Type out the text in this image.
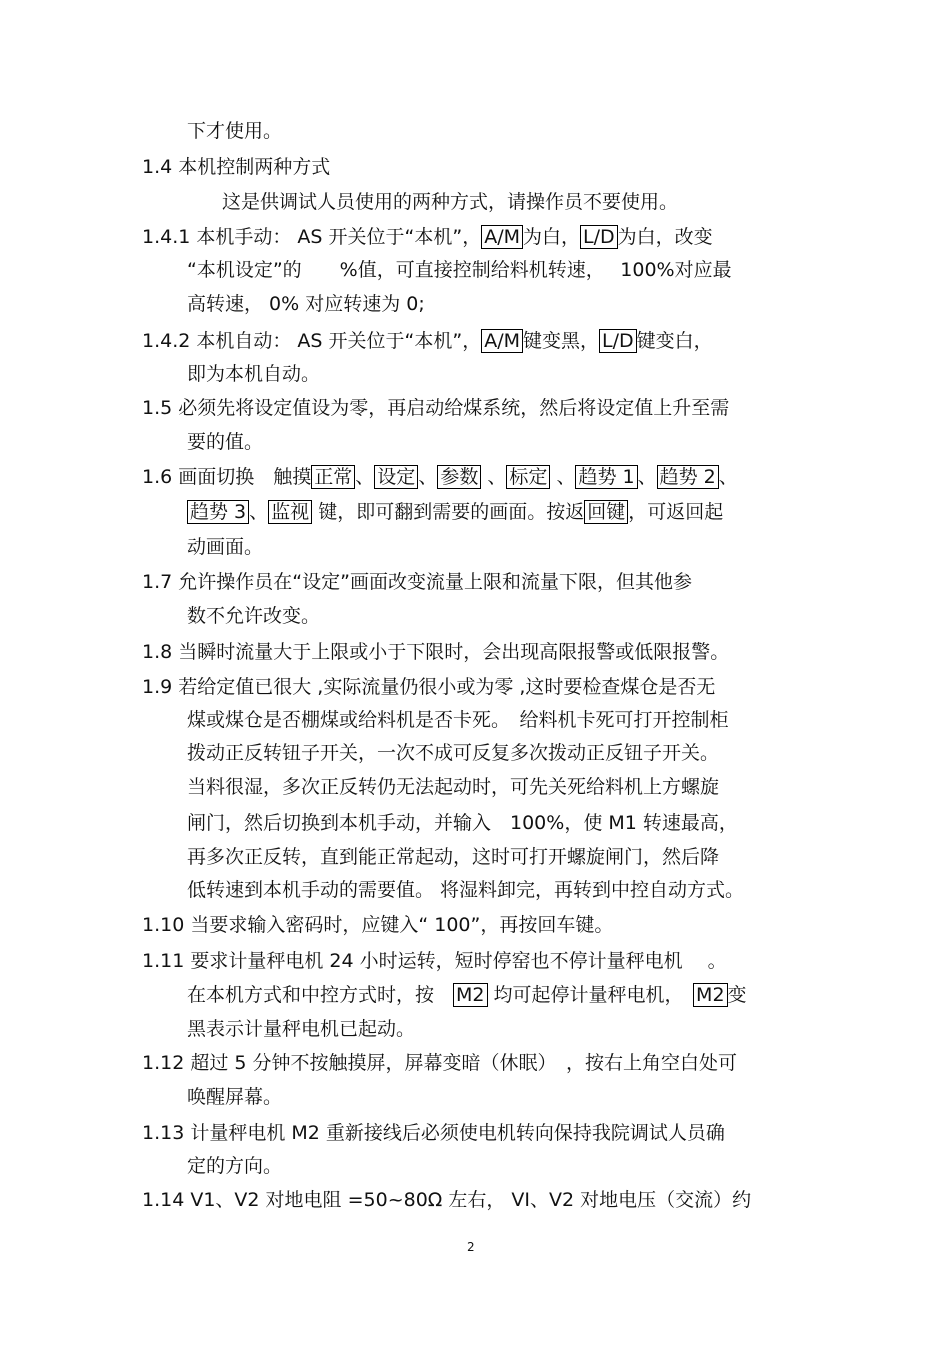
下才使用。

1.4 本机控制两种方式

这是供调试人员使用的两种方式，请操作员不要使用。

1.4.1 本机手动： AS 开关位于“本机”， A/M 为白， L/D 为白，改变

“本机设定”的　　%值，可直接控制给料机转速，　 100%对应最

高转速， 0% 对应转速为 0;

1.4.2 本机自动： AS 开关位于“本机”， A/M 键变黑， L/D 键变白，

即为本机自动。

1.5 必须先将设定值设为零，再启动给煤系统，然后将设定值上升至需

要的值。

1.6 画面切换　触摸 正常 、 设定 、 参数 、 标定 、 趋势 1 、 趋势 2 、

趋势 3 、 监视 键，即可翻到需要的画面。按返 回键 ，可返回起

动画面。

1.7 允许操作员在“设定”画面改变流量上限和流量下限，但其他参

数不允许改变。

1.8 当瞬时流量大于上限或小于下限时，会出现高限报警或低限报警。

1.9 若给定值已很大 ,实际流量仍很小或为零 ,这时要检查煤仓是否无

煤或煤仓是否棚煤或给料机是否卡死。　给料机卡死可打开控制柜

拨动正反转钮子开关，一次不成可反复多次拨动正反钮子开关。

当料很湿，多次正反转仍无法起动时，可先关死给料机上方螺旋

闸门，然后切换到本机手动，并输入　100%，使 M1 转速最高，

再多次正反转，直到能正常起动，这时可打开螺旋闸门，然后降

低转速到本机手动的需要值。 将湿料卸完，再转到中控自动方式。

1.10 当要求输入密码时，应键入“ 100”，再按回车键。

1.11 要求计量秤电机 24 小时运转，短时停窑也不停计量秤电机　 。

在本机方式和中控方式时，按　M2 均可起停计量秤电机，　M2 变

黑表示计量秤电机已起动。

1.12 超过 5 分钟不按触摸屏，屏幕变暗（休眠）　，按右上角空白处可

唤醒屏幕。

1.13 计量秤电机 M2 重新接线后必须使电机转向保持我院调试人员确

定的方向。

1.14 V1、V2 对地电阻 =50~80Ω 左右， VI、V2 对地电压（交流）约

2
